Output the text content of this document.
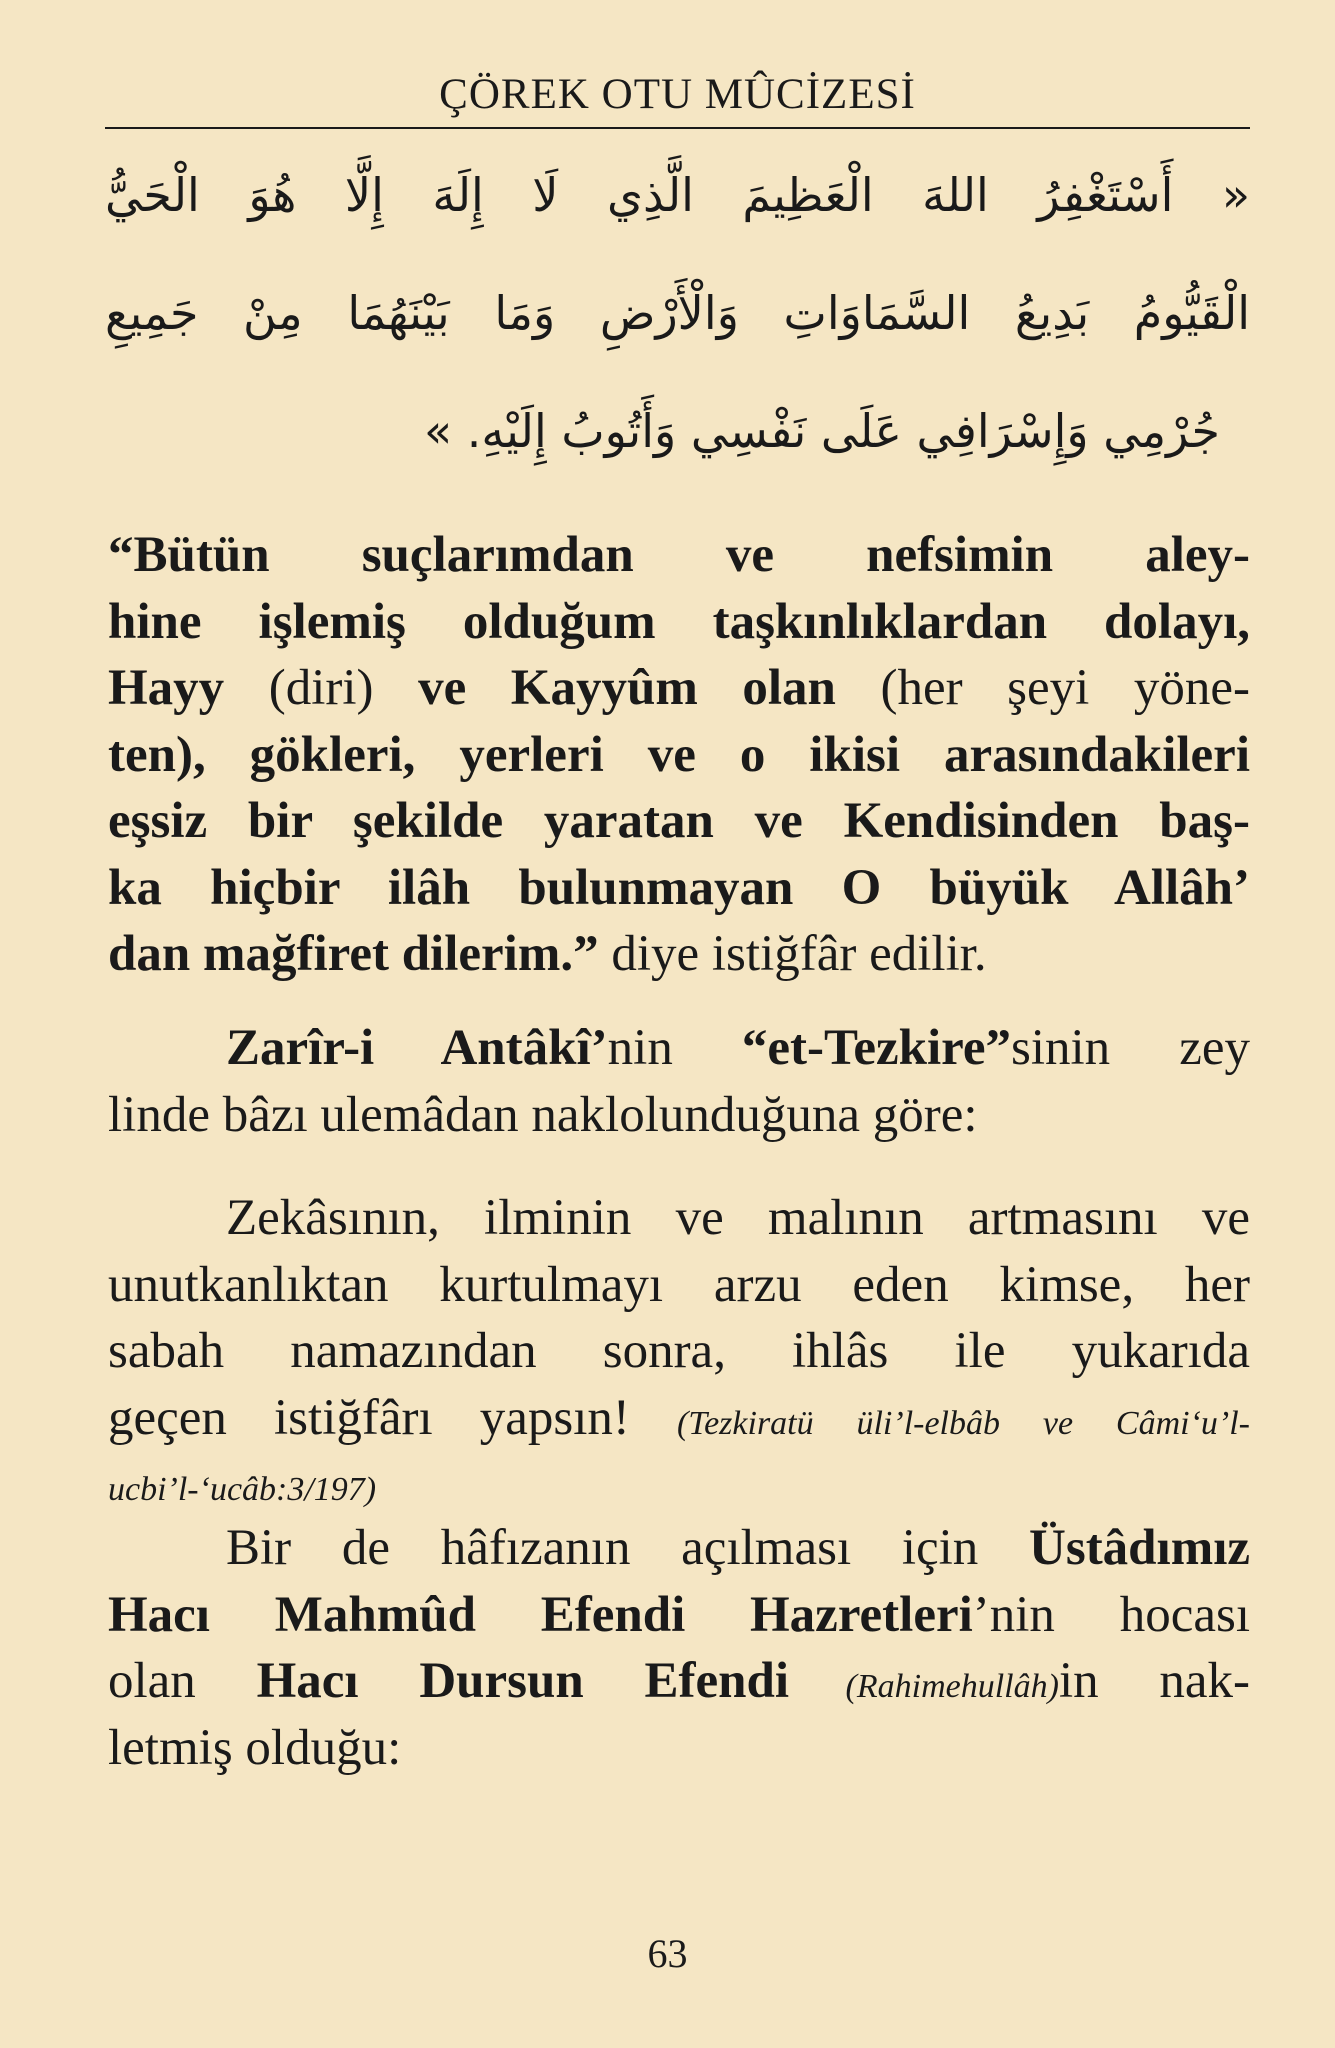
ÇÖREK OTU MÛCİZESİ
« أَسْتَغْفِرُ اللهَ الْعَظِيمَ الَّذِي لَا إِلَهَ إِلَّا هُوَ الْحَيُّ
الْقَيُّومُ بَدِيعُ السَّمَاوَاتِ وَالْأَرْضِ وَمَا بَيْنَهُمَا مِنْ جَمِيعِ
جُرْمِي وَإِسْرَافِي عَلَى نَفْسِي وَأَتُوبُ إِلَيْهِ. »
“Bütün suçlarımdan ve nefsimin aley-
hine işlemiş olduğum taşkınlıklardan dolayı,
Hayy (diri) ve Kayyûm olan (her şeyi yöne-
ten), gökleri, yerleri ve o ikisi arasındakileri
eşsiz bir şekilde yaratan ve Kendisinden baş-
ka hiçbir ilâh bulunmayan O büyük Allâh’
dan mağfiret dilerim.” diye istiğfâr edilir.
Zarîr-i Antâkî’nin “et-Tezkire”sinin zey
linde bâzı ulemâdan naklolunduğuna göre:
Zekâsının, ilminin ve malının artmasını ve
unutkanlıktan kurtulmayı arzu eden kimse, her
sabah namazından sonra, ihlâs ile yukarıda
geçen istiğfârı yapsın! (Tezkiratü üli’l-elbâb ve Câmi‘u’l-
ucbi’l-‘ucâb:3/197)
Bir de hâfızanın açılması için Üstâdımız
Hacı Mahmûd Efendi Hazretleri’nin hocası
olan Hacı Dursun Efendi (Rahimehullâh)in nak-
letmiş olduğu:
63
